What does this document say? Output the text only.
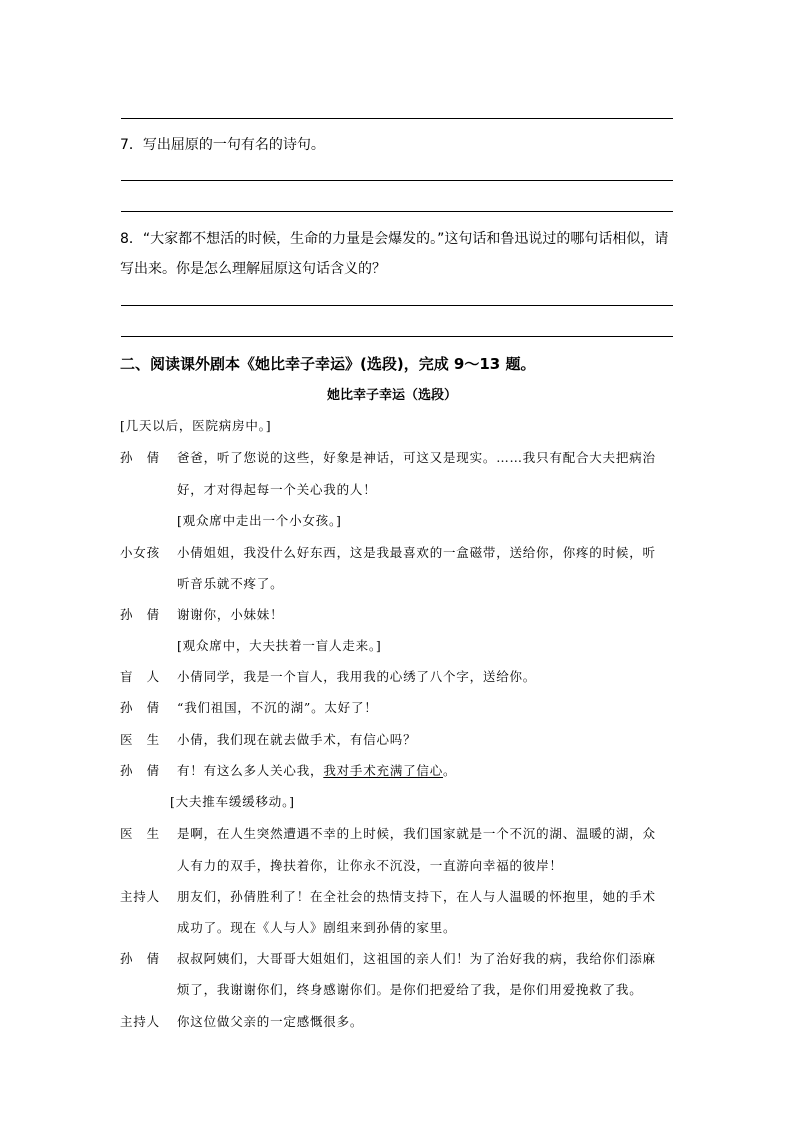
7．写出屈原的一句有名的诗句。
8．“大家都不想活的时候，生命的力量是会爆发的。”这句话和鲁迅说过的哪句话相似，请
写出来。你是怎么理解屈原这句话含义的？
二、阅读课外剧本《她比幸子幸运》(选段)，完成 9～13 题。
她比幸子幸运（选段）
[几天以后，医院病房中。]
孙　倩 爸爸，听了您说的这些，好象是神话，可这又是现实。……我只有配合大夫把病治
好，才对得起每一个关心我的人！
[观众席中走出一个小女孩。]
小女孩 小倩姐姐，我没什么好东西，这是我最喜欢的一盒磁带，送给你，你疼的时候，听
听音乐就不疼了。
孙　倩 谢谢你，小妹妹！
[观众席中，大夫扶着一盲人走来。]
盲　人 小倩同学，我是一个盲人，我用我的心绣了八个字，送给你。
孙　倩 “我们祖国，不沉的湖”。太好了！
医　生 小倩，我们现在就去做手术，有信心吗？
孙　倩 有！有这么多人关心我，我对手术充满了信心。
[大夫推车缓缓移动。]
医　生 是啊，在人生突然遭遇不幸的上时候，我们国家就是一个不沉的湖、温暖的湖，众
人有力的双手，搀扶着你，让你永不沉没，一直游向幸福的彼岸！
主持人 朋友们，孙倩胜利了！在全社会的热情支持下，在人与人温暖的怀抱里，她的手术
成功了。现在《人与人》剧组来到孙倩的家里。
孙　倩 叔叔阿姨们，大哥哥大姐姐们，这祖国的亲人们！为了治好我的病，我给你们添麻
烦了，我谢谢你们，终身感谢你们。是你们把爱给了我，是你们用爱挽救了我。
主持人 你这位做父亲的一定感慨很多。
